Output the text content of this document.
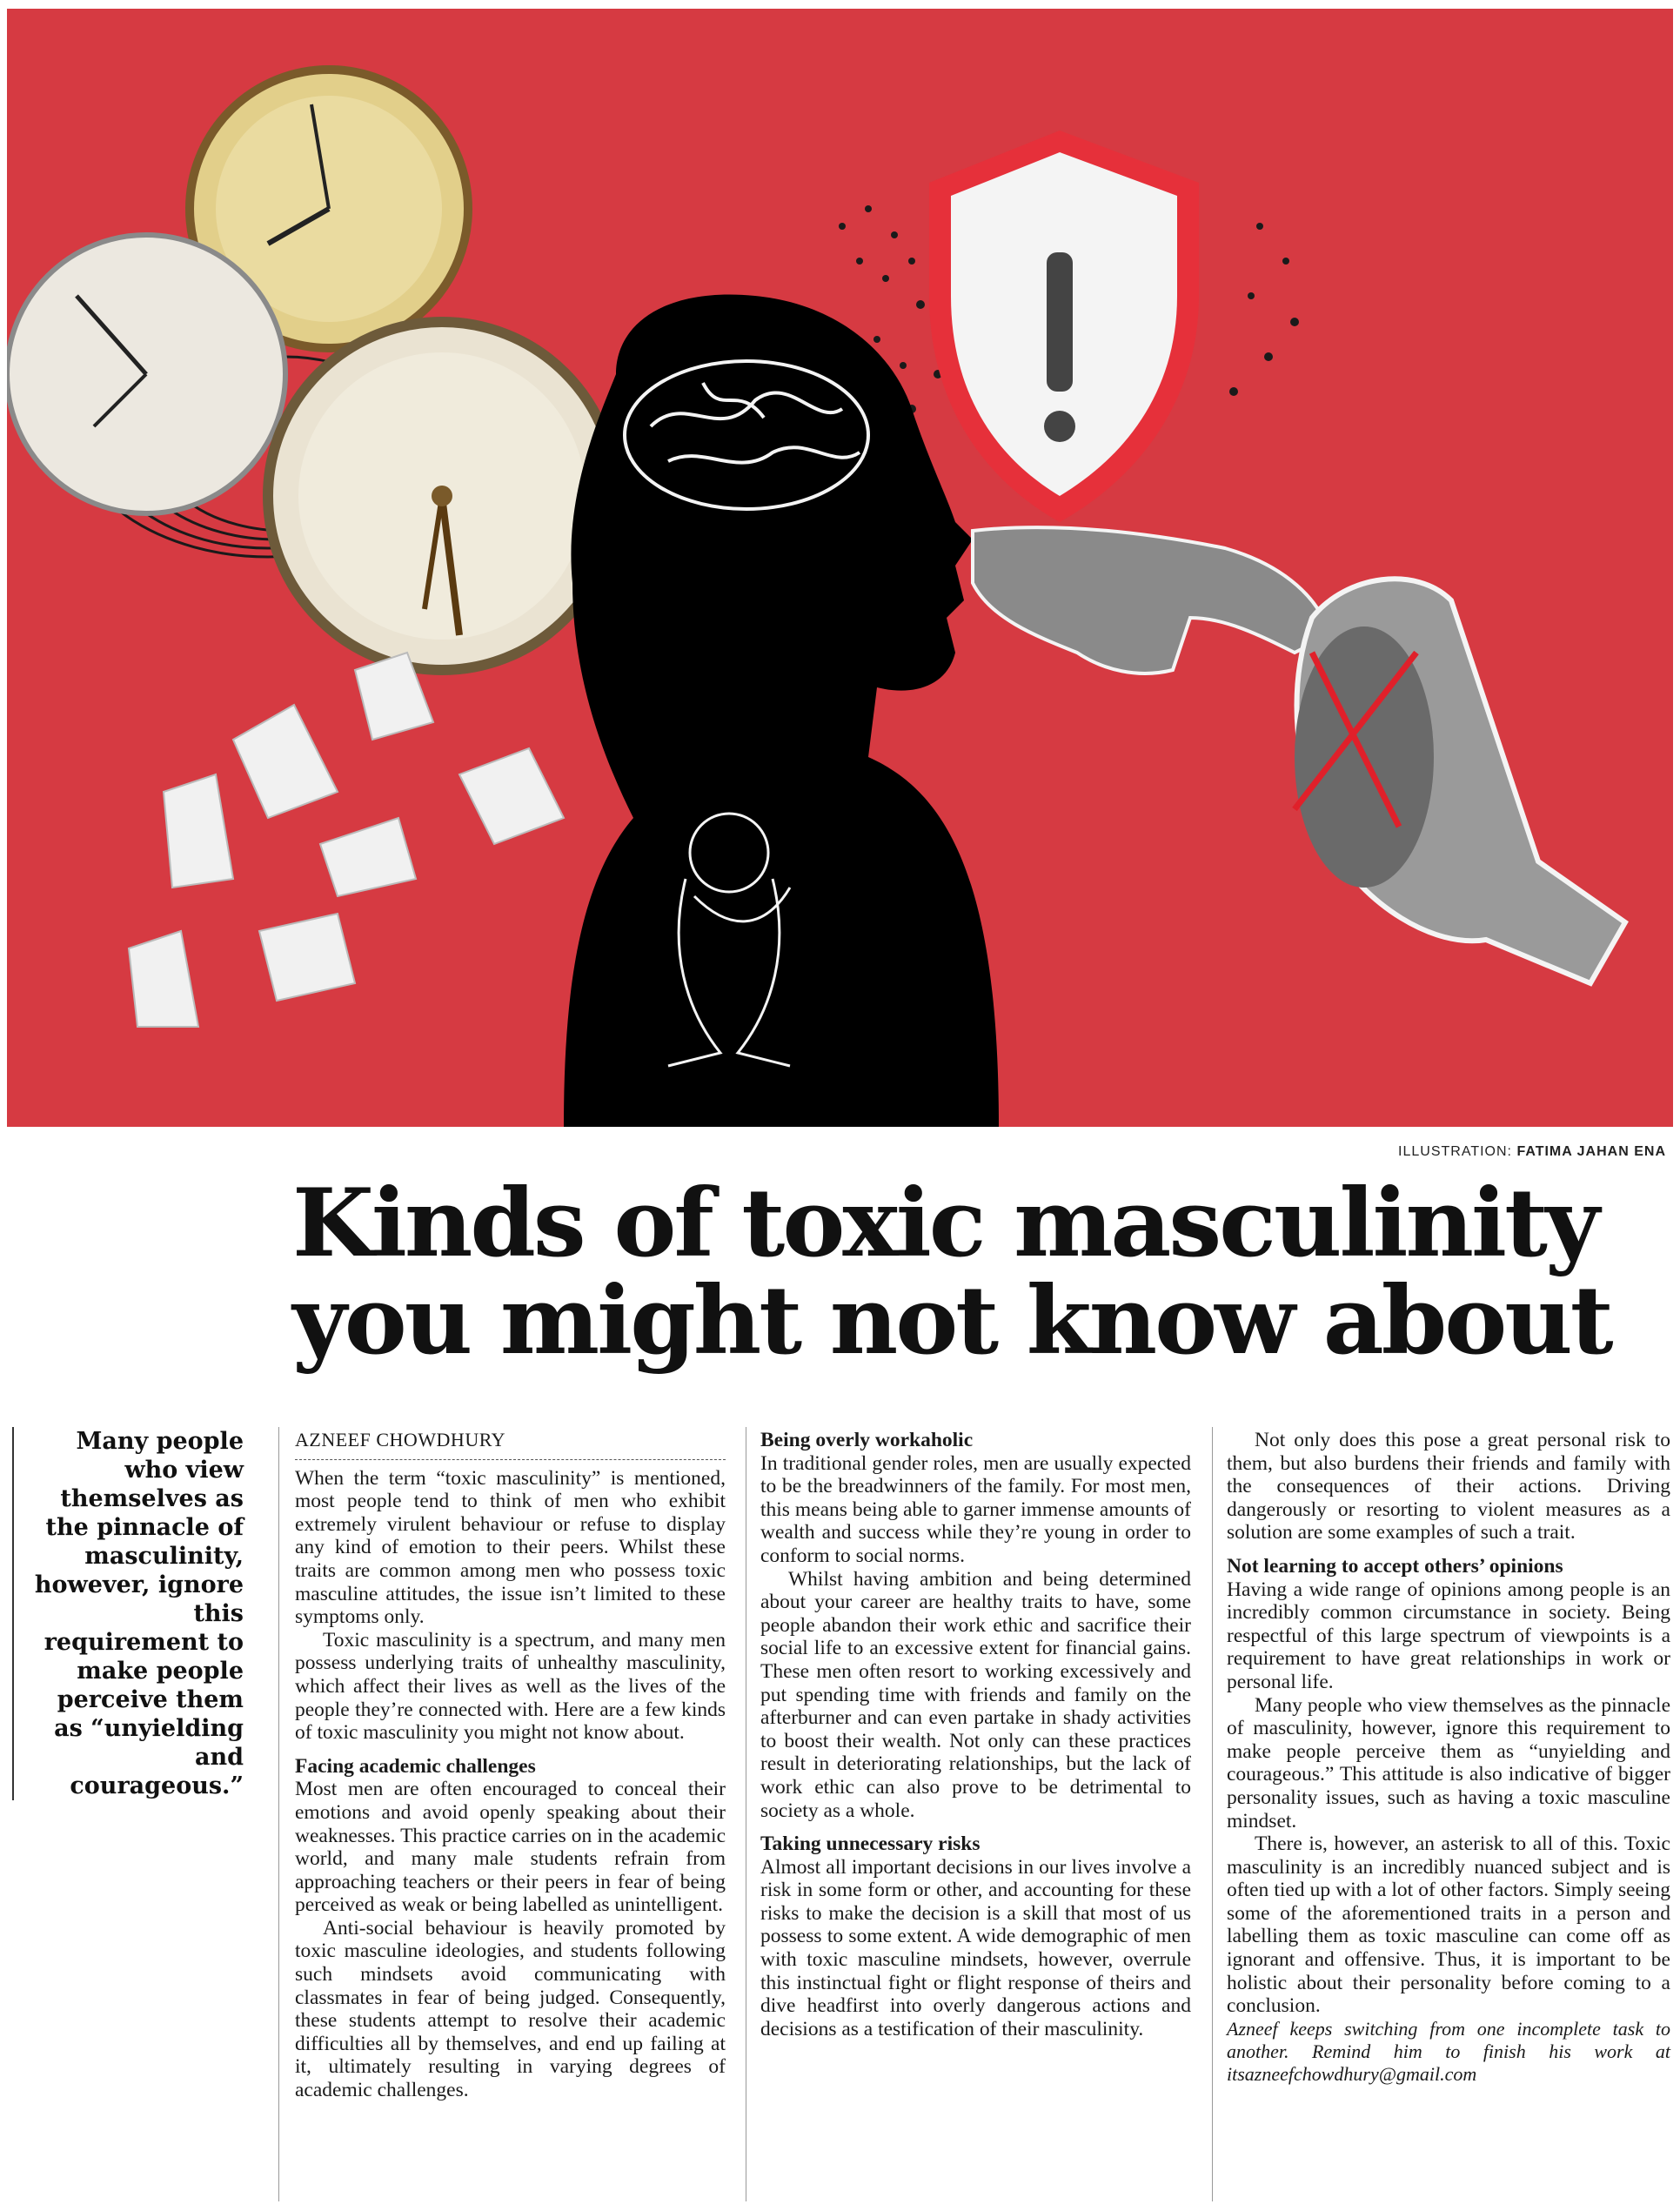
ILLUSTRATION: FATIMA JAHAN ENA
Kinds of toxic masculinity
you might not know about

Many people who view themselves as the pinnacle of masculinity, however, ignore this requirement to make people perceive them as “unyielding and courageous.”

AZNEEF CHOWDHURY

When the term “toxic masculinity” is mentioned, most people tend to think of men who exhibit extremely virulent behaviour or refuse to display any kind of emotion to their peers. Whilst these traits are common among men who possess toxic masculine attitudes, the issue isn’t limited to these symptoms only.

Toxic masculinity is a spectrum, and many men possess underlying traits of unhealthy masculinity, which affect their lives as well as the lives of the people they’re connected with. Here are a few kinds of toxic masculinity you might not know about.

Facing academic challenges

Most men are often encouraged to conceal their emotions and avoid openly speaking about their weaknesses. This practice carries on in the academic world, and many male students refrain from approaching teachers or their peers in fear of being perceived as weak or being labelled as unintelligent.

Anti-social behaviour is heavily promoted by toxic masculine ideologies, and students following such mindsets avoid communicating with classmates in fear of being judged. Consequently, these students attempt to resolve their academic difficulties all by themselves, and end up failing at it, ultimately resulting in varying degrees of academic challenges.

Being overly workaholic

In traditional gender roles, men are usually expected to be the breadwinners of the family. For most men, this means being able to garner immense amounts of wealth and success while they’re young in order to conform to social norms.

Whilst having ambition and being determined about your career are healthy traits to have, some people abandon their work ethic and sacrifice their social life to an excessive extent for financial gains. These men often resort to working excessively and put spending time with friends and family on the afterburner and can even partake in shady activities to boost their wealth. Not only can these practices result in deteriorating relationships, but the lack of work ethic can also prove to be detrimental to society as a whole.

Taking unnecessary risks

Almost all important decisions in our lives involve a risk in some form or other, and accounting for these risks to make the decision is a skill that most of us possess to some extent. A wide demographic of men with toxic masculine mindsets, however, overrule this instinctual fight or flight response of theirs and dive headfirst into overly dangerous actions and decisions as a testification of their masculinity.

Not only does this pose a great personal risk to them, but also burdens their friends and family with the consequences of their actions. Driving dangerously or resorting to violent measures as a solution are some examples of such a trait.

Not learning to accept others’ opinions

Having a wide range of opinions among people is an incredibly common circumstance in society. Being respectful of this large spectrum of viewpoints is a requirement to have great relationships in work or personal life.

Many people who view themselves as the pinnacle of masculinity, however, ignore this requirement to make people perceive them as “unyielding and courageous.” This attitude is also indicative of bigger personality issues, such as having a toxic masculine mindset.

There is, however, an asterisk to all of this. Toxic masculinity is an incredibly nuanced subject and is often tied up with a lot of other factors. Simply seeing some of the aforementioned traits in a person and labelling them as toxic masculine can come off as ignorant and offensive. Thus, it is important to be holistic about their personality before coming to a conclusion.

Azneef keeps switching from one incomplete task to another. Remind him to finish his work at itsazneefchowdhury@gmail.com
